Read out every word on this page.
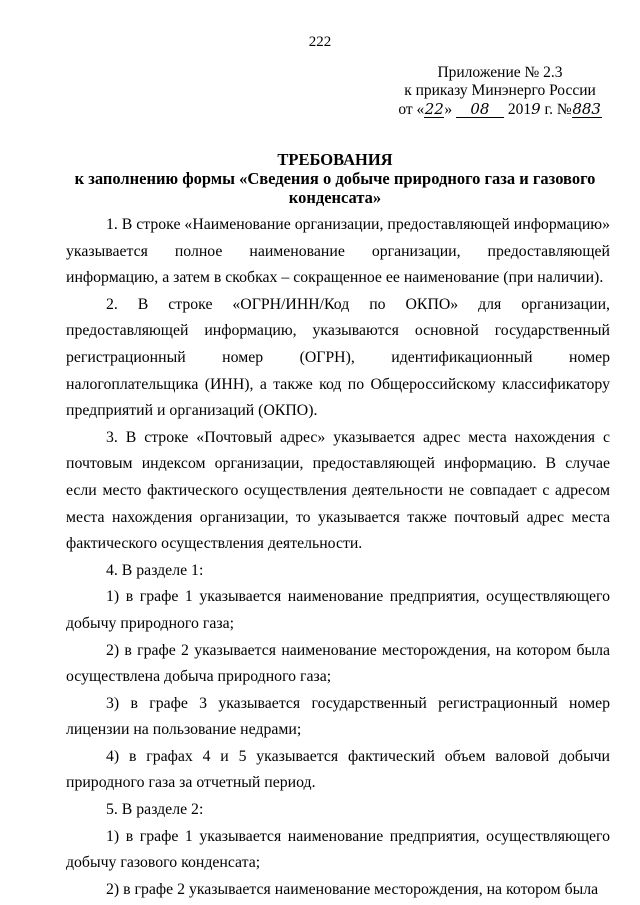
222
Приложение № 2.3
к приказу Минэнерго России
от «22» 08 2019 г. №883
ТРЕБОВАНИЯ
к заполнению формы «Сведения о добыче природного газа и газового
конденсата»

1. В строке «Наименование организации, предоставляющей информацию» указывается полное наименование организации, предоставляющей информацию, а затем в скобках – сокращенное ее наименование (при наличии).

2. В строке «ОГРН/ИНН/Код по ОКПО» для организации, предоставляющей информацию, указываются основной государственный регистрационный номер (ОГРН), идентификационный номер налогоплательщика (ИНН), а также код по Общероссийскому классификатору предприятий и организаций (ОКПО).

3. В строке «Почтовый адрес» указывается адрес места нахождения с почтовым индексом организации, предоставляющей информацию. В случае если место фактического осуществления деятельности не совпадает с адресом места нахождения организации, то указывается также почтовый адрес места фактического осуществления деятельности.

4. В разделе 1:

1) в графе 1 указывается наименование предприятия, осуществляющего добычу природного газа;

2) в графе 2 указывается наименование месторождения, на котором была осуществлена добыча природного газа;

3) в графе 3 указывается государственный регистрационный номер лицензии на пользование недрами;

4) в графах 4 и 5 указывается фактический объем валовой добычи природного газа за отчетный период.

5. В разделе 2:

1) в графе 1 указывается наименование предприятия, осуществляющего добычу газового конденсата;

2) в графе 2 указывается наименование месторождения, на котором была
